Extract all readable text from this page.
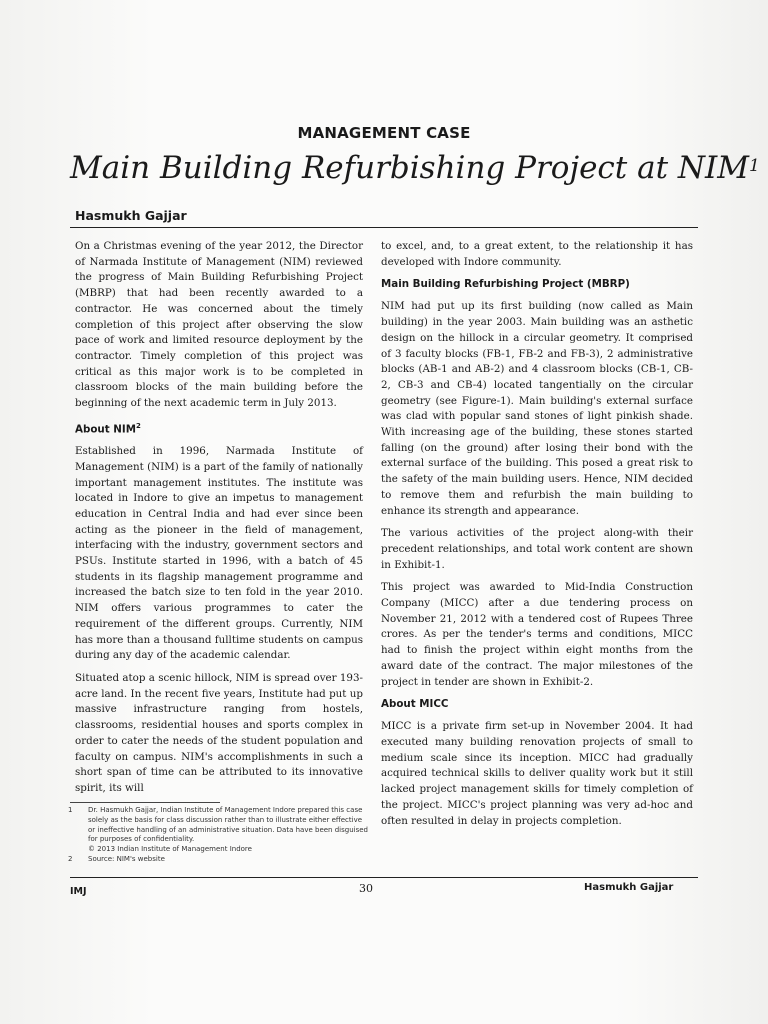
MANAGEMENT CASE
Main Building Refurbishing Project at NIM$^1$
Hasmukh Gajjar

On a Christmas evening of the year 2012, the Director of Narmada Institute of Management (NIM) reviewed the progress of Main Building Refurbishing Project (MBRP) that had been recently awarded to a contractor. He was concerned about the timely completion of this project after observing the slow pace of work and limited resource deployment by the contractor. Timely completion of this project was critical as this major work is to be completed in classroom blocks of the main building before the beginning of the next academic term in July 2013.

About NIM$^2$

Established in 1996, Narmada Institute of Management (NIM) is a part of the family of nationally important management institutes. The institute was located in Indore to give an impetus to management education in Central India and had ever since been acting as the pioneer in the field of management, interfacing with the industry, government sectors and PSUs. Institute started in 1996, with a batch of 45 students in its flagship management programme and increased the batch size to ten fold in the year 2010. NIM offers various programmes to cater the requirement of the different groups. Currently, NIM has more than a thousand fulltime students on campus during any day of the academic calendar.

Situated atop a scenic hillock, NIM is spread over 193-acre land. In the recent five years, Institute had put up massive infrastructure ranging from hostels, classrooms, residential houses and sports complex in order to cater the needs of the student population and faculty on campus. NIM's accomplishments in such a short span of time can be attributed to its innovative spirit, its will

to excel, and, to a great extent, to the relationship it has developed with Indore community.

Main Building Refurbishing Project (MBRP)

NIM had put up its first building (now called as Main building) in the year 2003. Main building was an asthetic design on the hillock in a circular geometry. It comprised of 3 faculty blocks (FB-1, FB-2 and FB-3), 2 administrative blocks (AB-1 and AB-2) and 4 classroom blocks (CB-1, CB-2, CB-3 and CB-4) located tangentially on the circular geometry (see Figure-1). Main building's external surface was clad with popular sand stones of light pinkish shade. With increasing age of the building, these stones started falling (on the ground) after losing their bond with the external surface of the building. This posed a great risk to the safety of the main building users. Hence, NIM decided to remove them and refurbish the main building to enhance its strength and appearance.

The various activities of the project along-with their precedent relationships, and total work content are shown in Exhibit-1.

This project was awarded to Mid-India Construction Company (MICC) after a due tendering process on November 21, 2012 with a tendered cost of Rupees Three crores. As per the tender's terms and conditions, MICC had to finish the project within eight months from the award date of the contract. The major milestones of the project in tender are shown in Exhibit-2.

About MICC

MICC is a private firm set-up in November 2004. It had executed many building renovation projects of small to medium scale since its inception. MICC had gradually acquired technical skills to deliver quality work but it still lacked project management skills for timely completion of the project. MICC's project planning was very ad-hoc and often resulted in delay in projects completion.

1	Dr. Hasmukh Gajjar, Indian Institute of Management Indore prepared this case solely as the basis for class discussion rather than to illustrate either effective or ineffective handling of an administrative situation. Data have been disguised for purposes of confidentiality.
© 2013 Indian Institute of Management Indore
2	Source: NIM's website
IMJ	30	Hasmukh Gajjar
